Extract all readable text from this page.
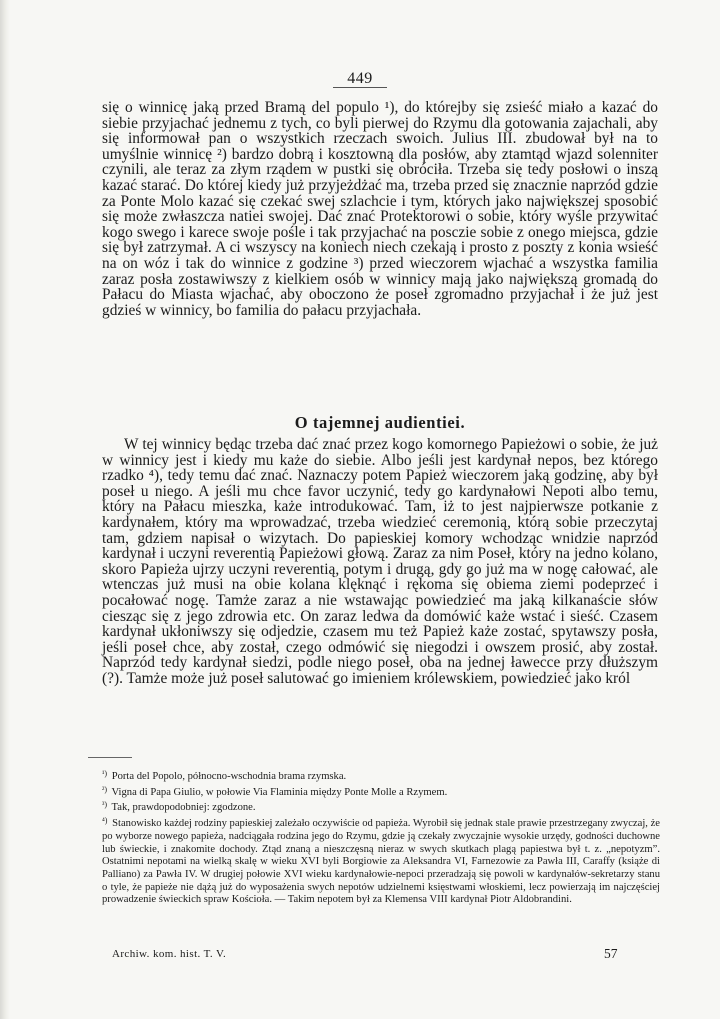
449

się o winnicę jaką przed Bramą del populo ¹), do którejby się zsieść miało a kazać do siebie przyjachać jednemu z tych, co byli pierwej do Rzymu dla gotowania zajachali, aby się informował pan o wszystkich rzeczach swoich. Julius III. zbudował był na to umyślnie winnicę ²) bardzo dobrą i kosztowną dla posłów, aby ztamtąd wjazd solenniter czynili, ale teraz za złym rządem w pustki się obróciła. Trzeba się tedy posłowi o inszą kazać starać. Do której kiedy już przyjeżdżać ma, trzeba przed się znacznie naprzód gdzie za Ponte Molo kazać się czekać swej szlachcie i tym, których jako największej sposobić się może zwłaszcza natiei swojej. Dać znać Protektorowi o sobie, który wyśle przywitać kogo swego i karece swoje pośle i tak przyjachać na posczie sobie z onego miejsca, gdzie się był zatrzymał. A ci wszyscy na koniech niech czekają i prosto z poszty z konia wsieść na on wóz i tak do winnice z godzine ³) przed wieczorem wjachać a wszystka familia zaraz posła zostawiwszy z kielkiem osób w winnicy mają jako największą gromadą do Pałacu do Miasta wjachać, aby oboczono że poseł zgromadno przyjachał i że już jest gdzieś w winnicy, bo familia do pałacu przyjachała.

O tajemnej audientiei.

W tej winnicy będąc trzeba dać znać przez kogo komornego Papieżowi o sobie, że już w winnicy jest i kiedy mu każe do siebie. Albo jeśli jest kardynał nepos, bez którego rzadko ⁴), tedy temu dać znać. Naznaczy potem Papież wieczorem jaką godzinę, aby był poseł u niego. A jeśli mu chce favor uczynić, tedy go kardynałowi Nepoti albo temu, który na Pałacu mieszka, każe introdukować. Tam, iż to jest najpierwsze potkanie z kardynałem, który ma wprowadzać, trzeba wiedzieć ceremonią, którą sobie przeczytaj tam, gdziem napisał o wizytach. Do papieskiej komory wchodząc wnidzie naprzód kardynał i uczyni reverentią Papieżowi głową. Zaraz za nim Poseł, który na jedno kolano, skoro Papieża ujrzy uczyni reverentią, potym i drugą, gdy go już ma w nogę całować, ale wtenczas już musi na obie kolana klęknąć i rękoma się obiema ziemi podeprzeć i pocałować nogę. Tamże zaraz a nie wstawając powiedzieć ma jaką kilkanaście słów ciesząc się z jego zdrowia etc. On zaraz ledwa da domówić każe wstać i sieść. Czasem kardynał ukłoniwszy się odjedzie, czasem mu też Papież każe zostać, spytawszy posła, jeśli poseł chce, aby został, czego odmówić się niegodzi i owszem prosić, aby został. Naprzód tedy kardynał siedzi, podle niego poseł, oba na jednej ławecce przy dłuższym (?). Tamże może już poseł salutować go imieniem królewskiem, powiedzieć jako król

$^{^1)}$ Porta del Popolo, północno-wschodnia brama rzymska.

$^{^2)}$ Vigna di Papa Giulio, w połowie Via Flaminia między Ponte Molle a Rzymem.

$^{^3)}$ Tak, prawdopodobniej: zgodzone.

$^{^4)}$ Stanowisko każdej rodziny papieskiej zależało oczywiście od papieża. Wyrobił się jednak stale prawie przestrzegany zwyczaj, że po wyborze nowego papieża, nadciągała rodzina jego do Rzymu, gdzie ją czekały zwyczajnie wysokie urzędy, godności duchowne lub świeckie, i znakomite dochody. Ztąd znaną a nieszczęsną nieraz w swych skutkach plagą papiestwa był t. z. „nepotyzm”. Ostatnimi nepotami na wielką skalę w wieku XVI byli Borgiowie za Aleksandra VI, Farnezowie za Pawła III, Caraffy (książe di Palliano) za Pawła IV. W drugiej połowie XVI wieku kardynałowie-nepoci przeradzają się powoli w kardynałów-sekretarzy stanu o tyle, że papieże nie dążą już do wyposażenia swych nepotów udzielnemi księstwami włoskiemi, lecz powierzają im najczęściej prowadzenie świeckich spraw Kościoła. — Takim nepotem był za Klemensa VIII kardynał Piotr Aldobrandini.

Archiw. kom. hist. T. V.	57
